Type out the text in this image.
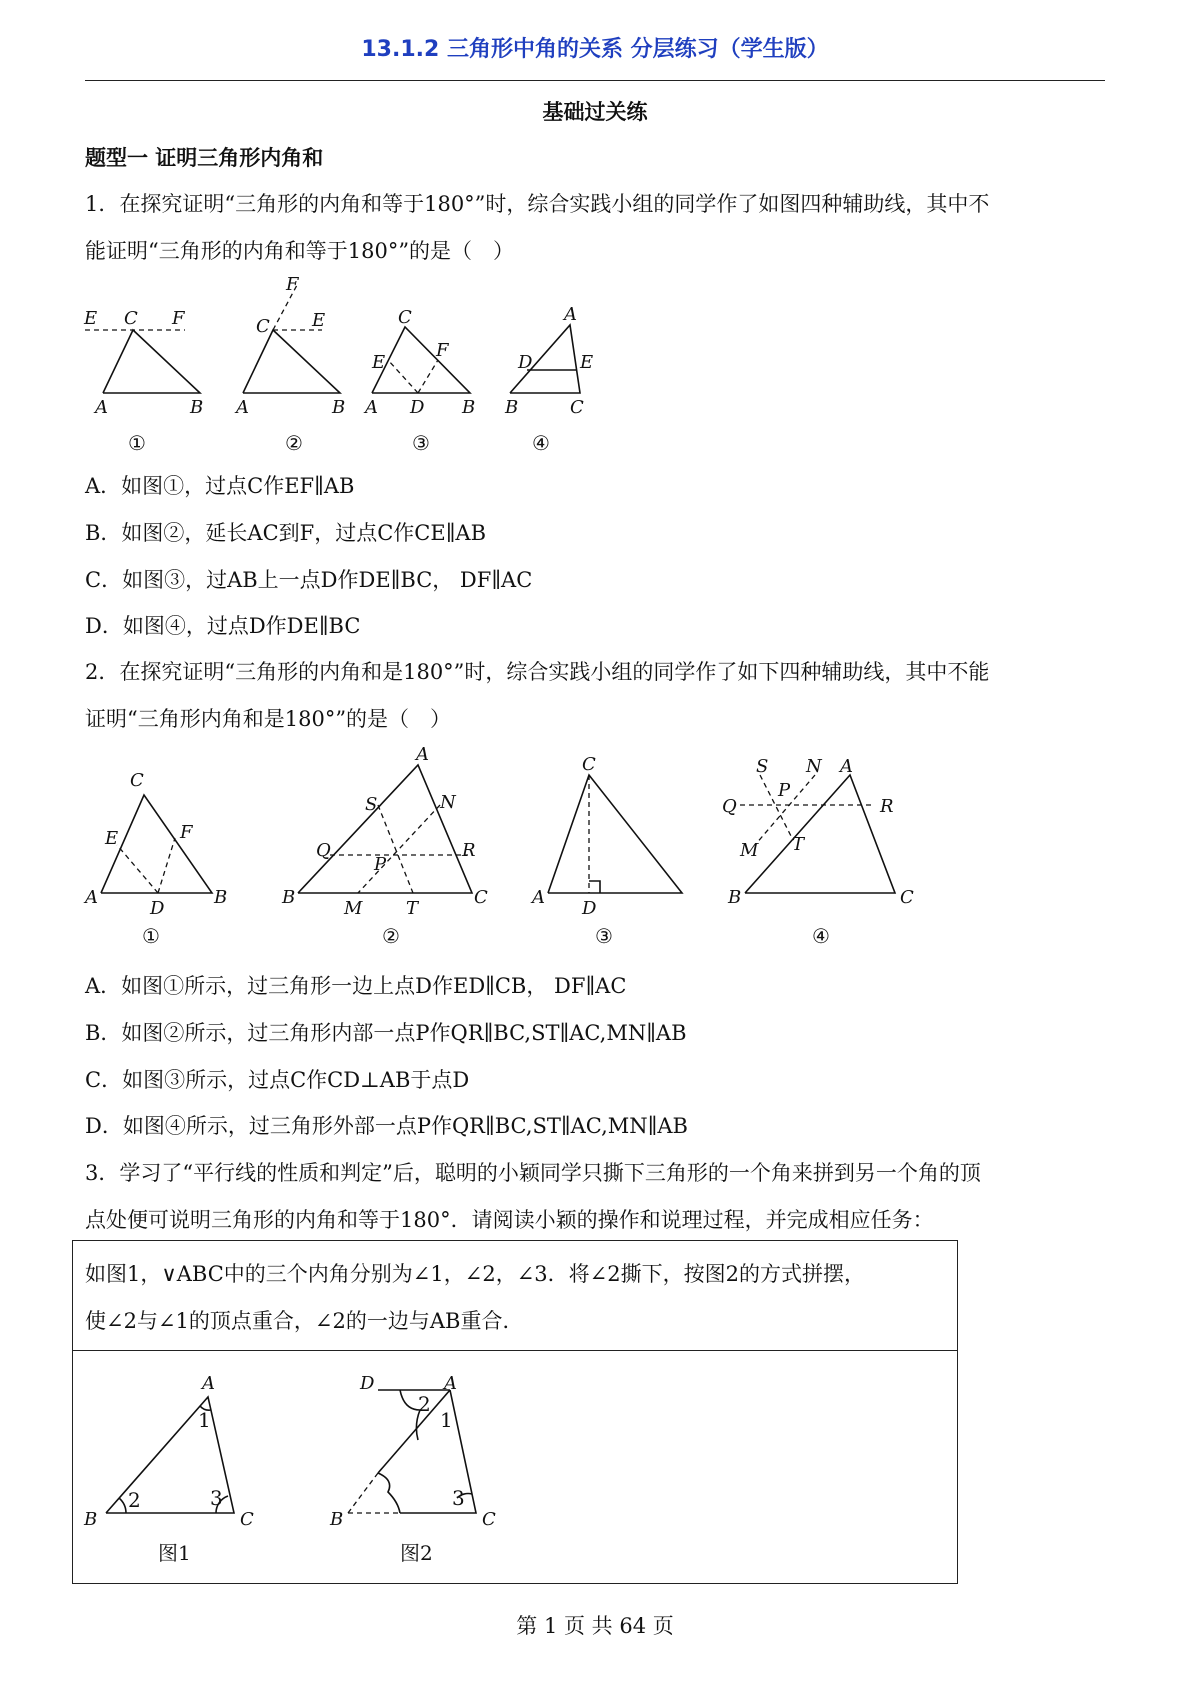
13.1.2 三角形中角的关系 分层练习（学生版）
基础过关练
题型一 证明三角形内角和
1．在探究证明“三角形的内角和等于180°”时，综合实践小组的同学作了如图四种辅助线，其中不
能证明“三角形的内角和等于180°”的是（　）
E C F
A	B
F
C E
A	B
C
E
F
A D B
A
D	E
B	C
①	②	③	④
A．如图①，过点C作EF∥AB
B．如图②，延长AC到F，过点C作CE∥AB
C．如图③，过AB上一点D作DE∥BC， DF∥AC
D．如图④，过点D作DE∥BC
2．在探究证明“三角形的内角和是180°”时，综合实践小组的同学作了如下四种辅助线，其中不能
证明“三角形内角和是180°”的是（　）
C
E	F
A
D
B
A
S	N
Q	R
P
B
M T
C
C
A
D
S N A
Q	R
P
M T
B	C
①	②	③	④
A．如图①所示，过三角形一边上点D作ED∥CB， DF∥AC
B．如图②所示，过三角形内部一点P作QR∥BC,ST∥AC,MN∥AB
C．如图③所示，过点C作CD⊥AB于点D
D．如图④所示，过三角形外部一点P作QR∥BC,ST∥AC,MN∥AB
3．学习了“平行线的性质和判定”后，聪明的小颖同学只撕下三角形的一个角来拼到另一个角的顶
点处便可说明三角形的内角和等于180°．请阅读小颖的操作和说理过程，并完成相应任务：
如图1，∨ABC中的三个内角分别为∠1，∠2，∠3．将∠2撕下，按图2的方式拼摆，
使∠2与∠1的顶点重合，∠2的一边与AB重合．
A
B	C
1
2	3
D	A
B	C
2
1
3
图1	图2
第 1 页 共 64 页
